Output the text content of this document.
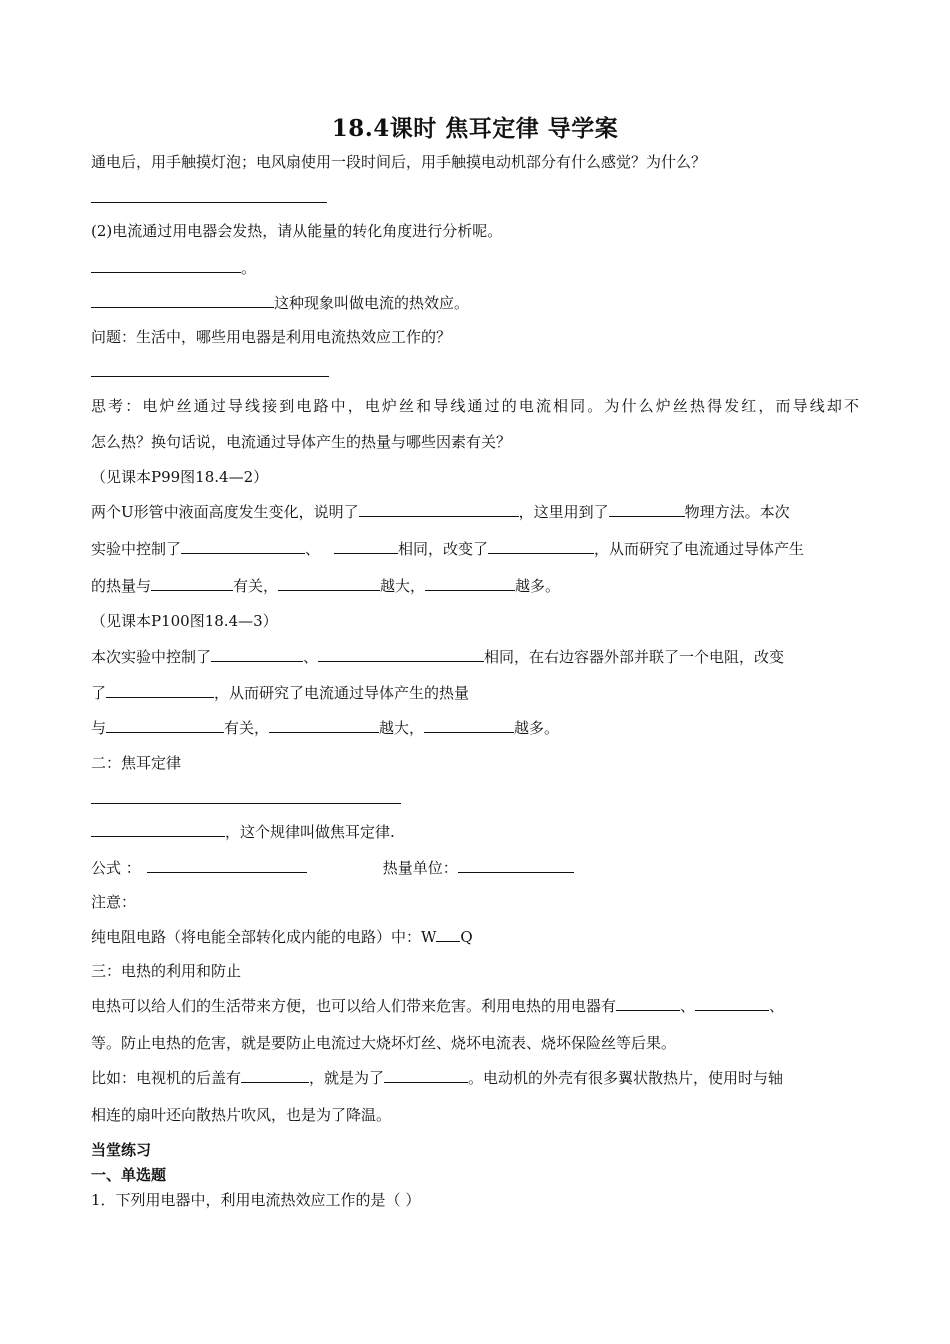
18.4课时 焦耳定律 导学案
通电后，用手触摸灯泡；电风扇使用一段时间后，用手触摸电动机部分有什么感觉？为什么？
(2)电流通过用电器会发热，请从能量的转化角度进行分析呢。
。
这种现象叫做电流的热效应。
问题：生活中，哪些用电器是利用电流热效应工作的？
思考：电炉丝通过导线接到电路中，电炉丝和导线通过的电流相同。为什么炉丝热得发红，而导线却不
怎么热？换句话说，电流通过导体产生的热量与哪些因素有关？
（见课本P99图18.4—2）
两个U形管中液面高度发生变化，说明了	，这里用到了	物理方法。本次
实验中控制了	、	相同，改变了	，从而研究了电流通过导体产生
的热量与	有关，	越大，	越多。
（见课本P100图18.4—3）
本次实验中控制了	、	相同，在右边容器外部并联了一个电阻，改变
了	，从而研究了电流通过导体产生的热量
与	有关，	越大，	越多。
二：焦耳定律
，这个规律叫做焦耳定律.
公式 ：	热量单位：
注意：
纯电阻电路（将电能全部转化成内能的电路）中：W Q
三：电热的利用和防止
电热可以给人们的生活带来方便，也可以给人们带来危害。利用电热的用电器有	、	、
等。防止电热的危害，就是要防止电流过大烧坏灯丝、烧坏电流表、烧坏保险丝等后果。
比如：电视机的后盖有	，就是为了	。电动机的外壳有很多翼状散热片，使用时与轴
相连的扇叶还向散热片吹风，也是为了降温。
当堂练习
一、单选题
1．下列用电器中，利用电流热效应工作的是（ ）
